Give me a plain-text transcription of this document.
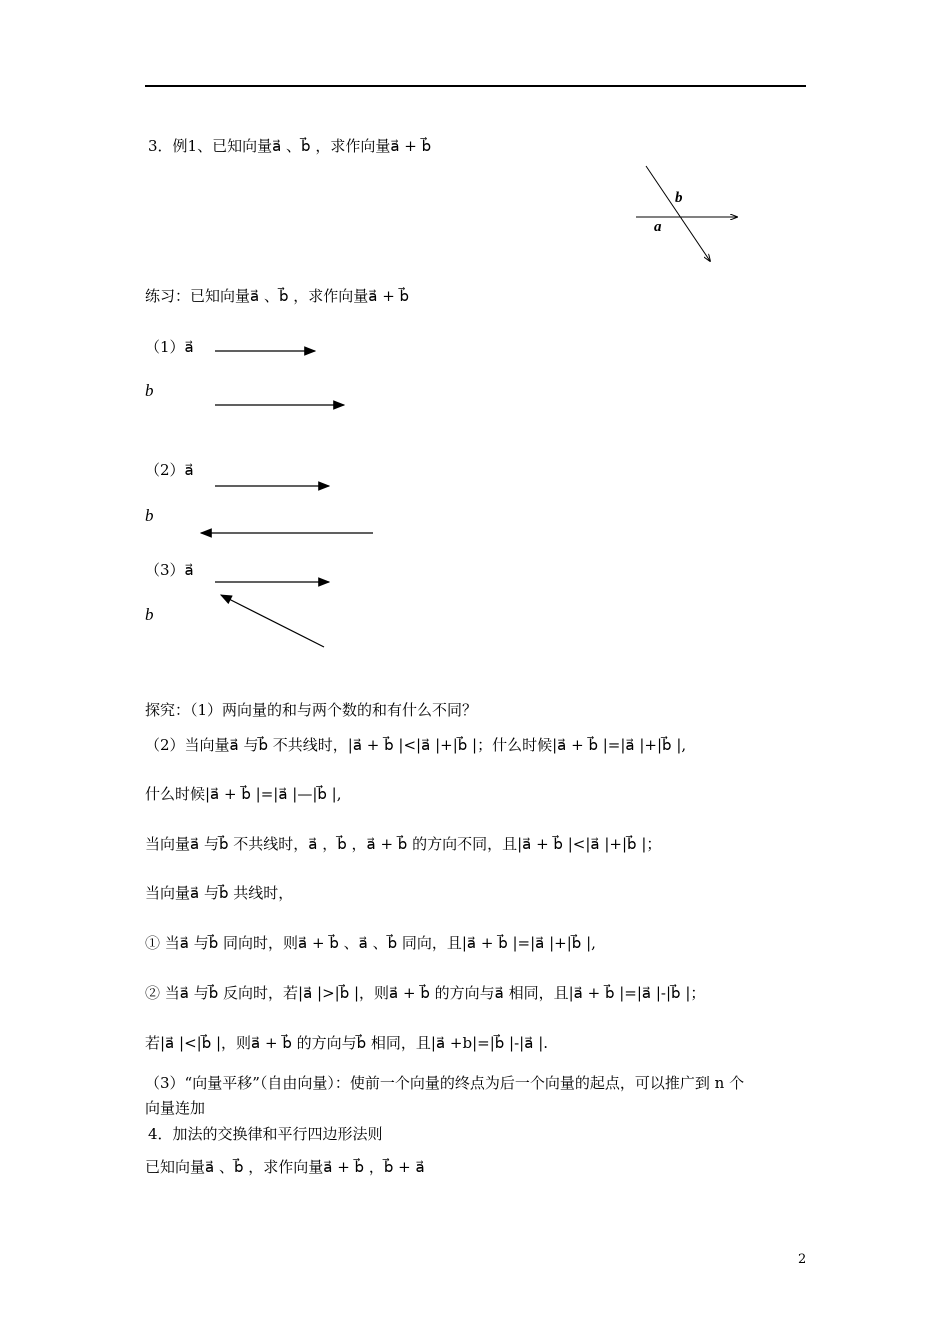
3．例1、已知向量a⃗ 、b⃗ ，求作向量a⃗ + b⃗
b
a
练习：已知向量a⃗ 、b⃗ ，求作向量a⃗ + b⃗
（1）a⃗
b⃗
（2）a⃗
b⃗
（3）a⃗
b⃗
探究：（1）两向量的和与两个数的和有什么不同？
（2）当向量a⃗ 与b⃗ 不共线时，|a⃗ + b⃗ |<|a⃗ |+|b⃗ |；什么时候|a⃗ + b⃗ |=|a⃗ |+|b⃗ |,
什么时候|a⃗ + b⃗ |=|a⃗ |—|b⃗ |,
当向量a⃗ 与b⃗ 不共线时，a⃗ ，b⃗ ，a⃗ + b⃗ 的方向不同，且|a⃗ + b⃗ |<|a⃗ |+|b⃗ |；
当向量a⃗ 与b⃗ 共线时，
① 当a⃗ 与b⃗ 同向时，则a⃗ + b⃗ 、a⃗ 、b⃗ 同向，且|a⃗ + b⃗ |=|a⃗ |+|b⃗ |,
② 当a⃗ 与b⃗ 反向时，若|a⃗ |>|b⃗ |，则a⃗ + b⃗ 的方向与a⃗ 相同，且|a⃗ + b⃗ |=|a⃗ |-|b⃗ |；
若|a⃗ |<|b⃗ |，则a⃗ + b⃗ 的方向与b⃗ 相同，且|a⃗ +b|=|b⃗ |-|a⃗ |.
（3）“向量平移”（自由向量）：使前一个向量的终点为后一个向量的起点，可以推广到 n 个
向量连加
4．加法的交换律和平行四边形法则
已知向量a⃗ 、b⃗ ，求作向量a⃗ + b⃗ ，b⃗ + a⃗
2
